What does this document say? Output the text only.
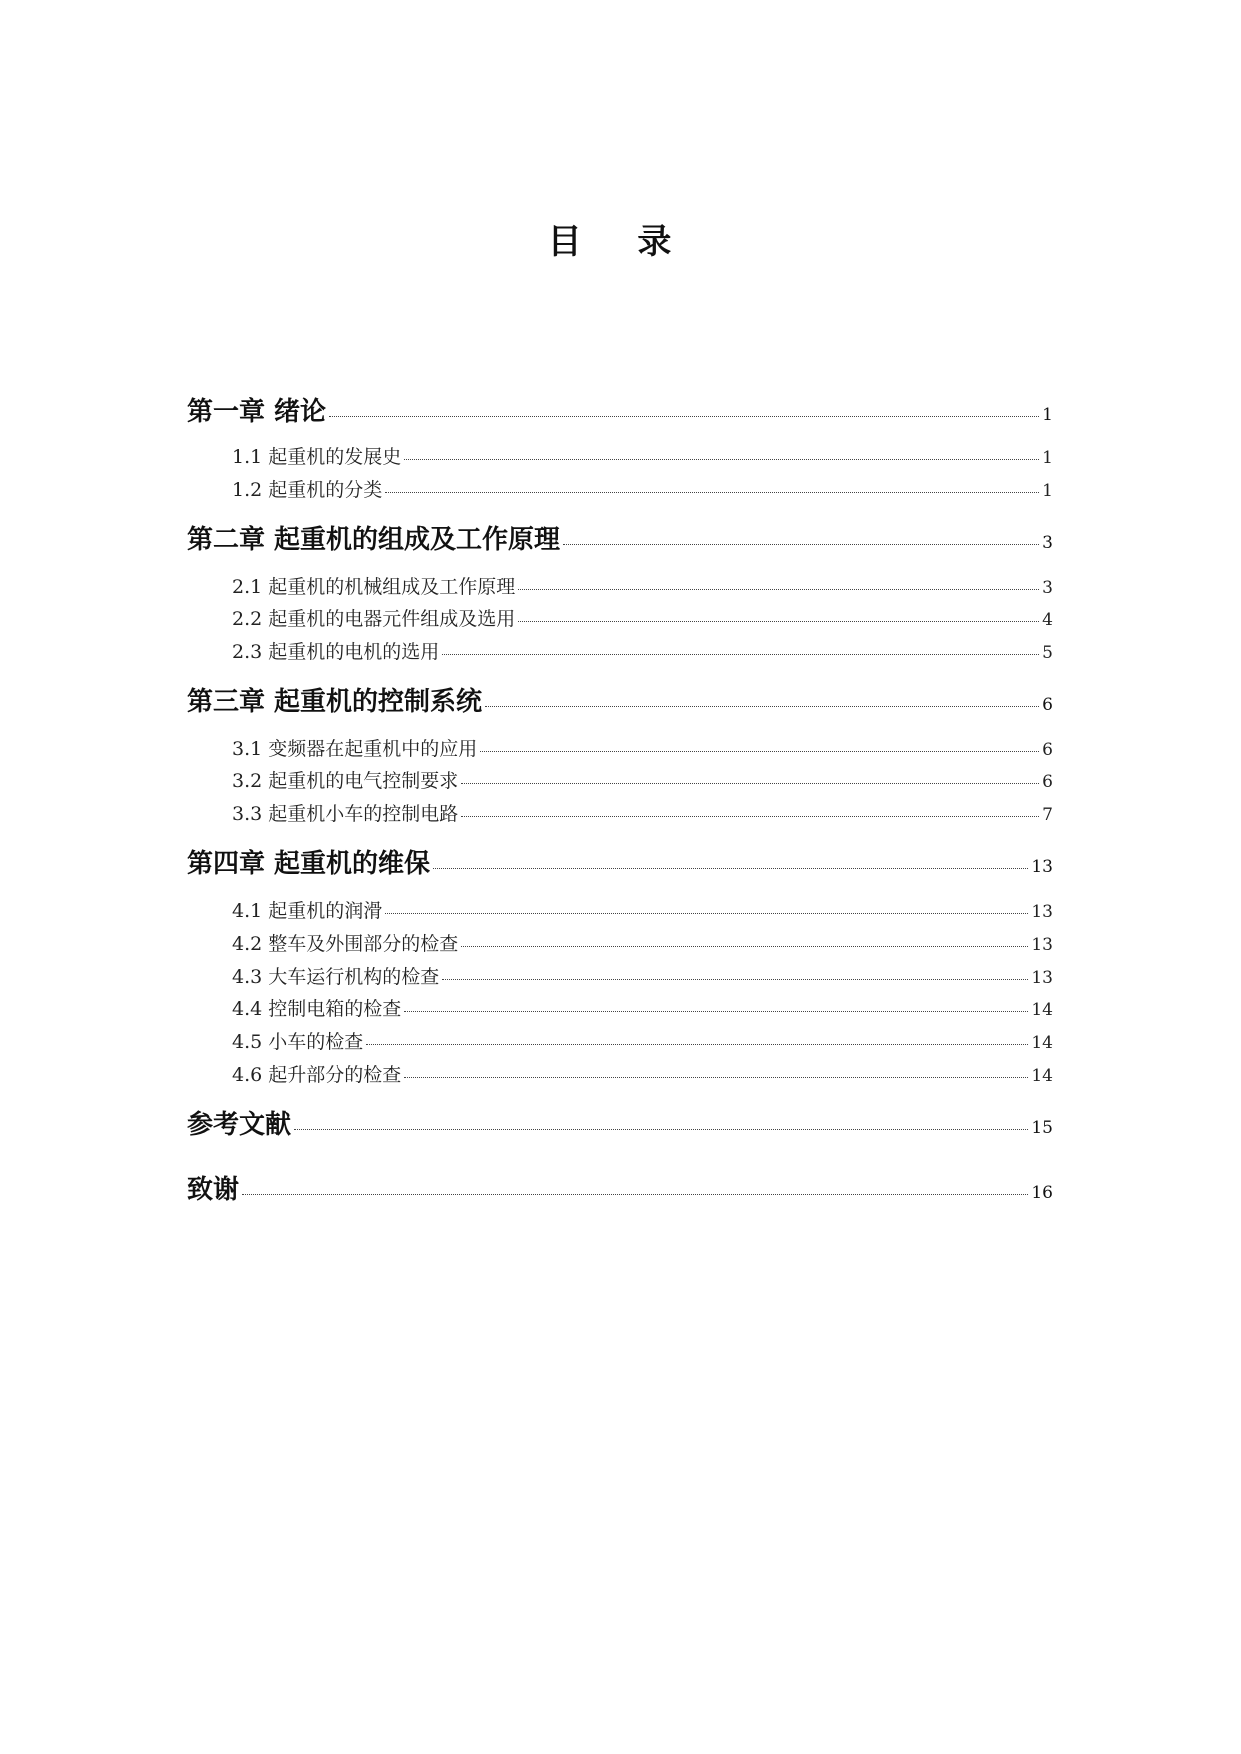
目 录
第一章 绪论	1
1.1 起重机的发展史	1
1.2 起重机的分类	1
第二章 起重机的组成及工作原理	3
2.1 起重机的机械组成及工作原理	3
2.2 起重机的电器元件组成及选用	4
2.3 起重机的电机的选用	5
第三章 起重机的控制系统	6
3.1 变频器在起重机中的应用	6
3.2 起重机的电气控制要求	6
3.3 起重机小车的控制电路	7
第四章 起重机的维保	13
4.1 起重机的润滑	13
4.2 整车及外围部分的检查	13
4.3 大车运行机构的检查	13
4.4 控制电箱的检查	14
4.5 小车的检查	14
4.6 起升部分的检查	14
参考文献	15
致谢	16
